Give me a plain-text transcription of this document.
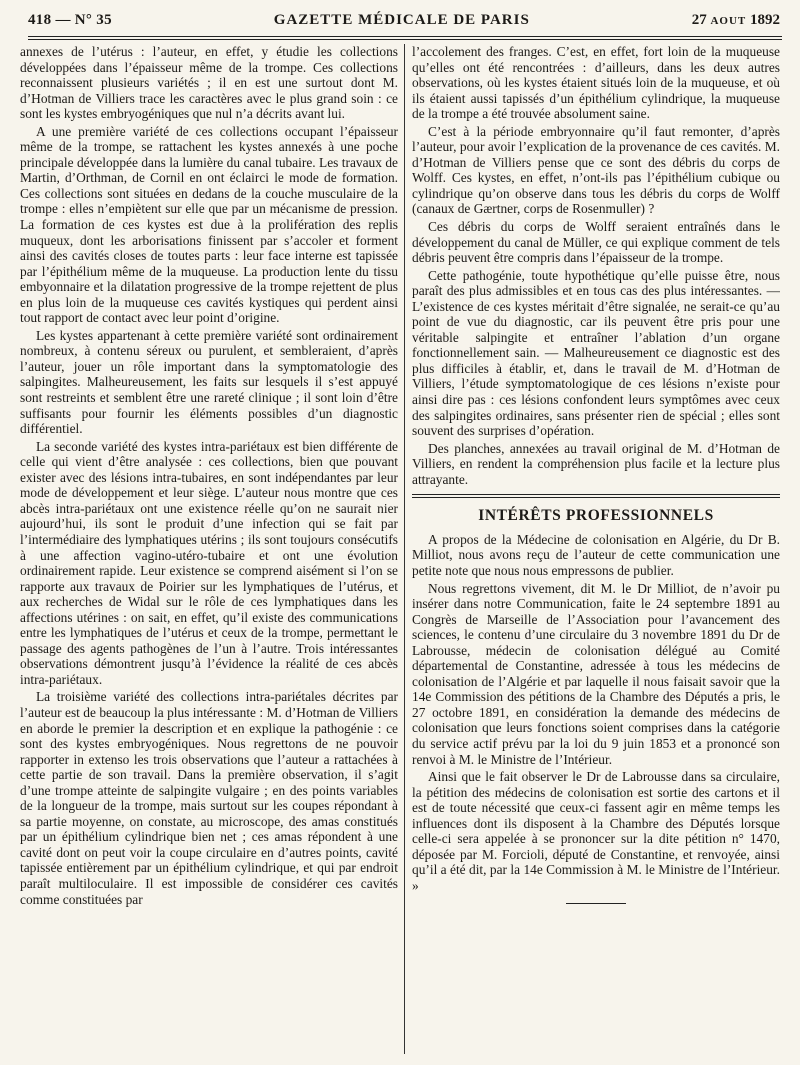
418 — N° 35	GAZETTE MÉDICALE DE PARIS	27 AOUT 1892

annexes de l’utérus : l’auteur, en effet, y étudie les collections développées dans l’épaisseur même de la trompe. Ces collections reconnaissent plusieurs variétés ; il en est une surtout dont M. d’Hotman de Villiers trace les caractères avec le plus grand soin : ce sont les kystes embryogéniques que nul n’a décrits avant lui.

A une première variété de ces collections occupant l’épaisseur même de la trompe, se rattachent les kystes annexés à une poche principale développée dans la lumière du canal tubaire. Les travaux de Martin, d’Orthman, de Cornil en ont éclairci le mode de formation. Ces collections sont situées en dedans de la couche musculaire de la trompe : elles n’empiètent sur elle que par un mécanisme de pression. La formation de ces kystes est due à la prolifération des replis muqueux, dont les arborisations finissent par s’accoler et forment ainsi des cavités closes de toutes parts : leur face interne est tapissée par l’épithélium même de la muqueuse. La production lente du tissu embyonnaire et la dilatation progressive de la trompe rejettent de plus en plus loin de la muqueuse ces cavités kystiques qui perdent ainsi tout rapport de contact avec leur point d’origine.

Les kystes appartenant à cette première variété sont ordinairement nombreux, à contenu séreux ou purulent, et sembleraient, d’après l’auteur, jouer un rôle important dans la symptomatologie des salpingites. Malheureusement, les faits sur lesquels il s’est appuyé sont restreints et semblent être une rareté clinique ; il sont loin d’être suffisants pour fournir les éléments possibles d’un diagnostic différentiel.

La seconde variété des kystes intra-pariétaux est bien différente de celle qui vient d’être analysée : ces collections, bien que pouvant exister avec des lésions intra-tubaires, en sont indépendantes par leur mode de développement et leur siège. L’auteur nous montre que ces abcès intra-pariétaux ont une existence réelle qu’on ne saurait nier aujourd’hui, ils sont le produit d’une infection qui se fait par l’intermédiaire des lymphatiques utérins ; ils sont toujours consécutifs à une affection vagino-utéro-tubaire et ont une évolution ordinairement rapide. Leur existence se comprend aisément si l’on se rapporte aux travaux de Poirier sur les lymphatiques de l’utérus, et aux recherches de Widal sur le rôle de ces lymphatiques dans les affections utérines : on sait, en effet, qu’il existe des communications entre les lymphatiques de l’utérus et ceux de la trompe, permettant le passage des agents pathogènes de l’un à l’autre. Trois intéressantes observations démontrent jusqu’à l’évidence la réalité de ces abcès intra-pariétaux.

La troisième variété des collections intra-pariétales décrites par l’auteur est de beaucoup la plus intéressante : M. d’Hotman de Villiers en aborde le premier la description et en explique la pathogénie : ce sont des kystes embryogéniques. Nous regrettons de ne pouvoir rapporter in extenso les trois observations que l’auteur a rattachées à cette partie de son travail. Dans la première observation, il s’agit d’une trompe atteinte de salpingite vulgaire ; en des points variables de la longueur de la trompe, mais surtout sur les coupes répondant à sa partie moyenne, on constate, au microscope, des amas constitués par un épithélium cylindrique bien net ; ces amas répondent à une cavité dont on peut voir la coupe circulaire en d’autres points, cavité tapissée entièrement par un épithélium cylindrique, et qui par endroit paraît multiloculaire. Il est impossible de considérer ces cavités comme constituées par

l’accolement des franges. C’est, en effet, fort loin de la muqueuse qu’elles ont été rencontrées : d’ailleurs, dans les deux autres observations, où les kystes étaient situés loin de la muqueuse, et où ils étaient aussi tapissés d’un épithélium cylindrique, la muqueuse de la trompe a été trouvée absolument saine.

C’est à la période embryonnaire qu’il faut remonter, d’après l’auteur, pour avoir l’explication de la provenance de ces cavités. M. d’Hotman de Villiers pense que ce sont des débris du corps de Wolff. Ces kystes, en effet, n’ont-ils pas l’épithélium cubique ou cylindrique qu’on observe dans tous les débris du corps de Wolff (canaux de Gærtner, corps de Rosenmuller) ?

Ces débris du corps de Wolff seraient entraînés dans le développement du canal de Müller, ce qui explique comment de tels débris peuvent être compris dans l’épaisseur de la trompe.

Cette pathogénie, toute hypothétique qu’elle puisse être, nous paraît des plus admissibles et en tous cas des plus intéressantes. — L’existence de ces kystes méritait d’être signalée, ne serait-ce qu’au point de vue du diagnostic, car ils peuvent être pris pour une véritable salpingite et entraîner l’ablation d’un organe fonctionnellement sain. — Malheureusement ce diagnostic est des plus difficiles à établir, et, dans le travail de M. d’Hotman de Villiers, l’étude symptomatologique de ces lésions n’existe pour ainsi dire pas : ces lésions confondent leurs symptômes avec ceux des salpingites ordinaires, sans présenter rien de spécial ; elles sont souvent des surprises d’opération.

Des planches, annexées au travail original de M. d’Hotman de Villiers, en rendent la compréhension plus facile et la lecture plus attrayante.

INTÉRÊTS PROFESSIONNELS

A propos de la Médecine de colonisation en Algérie, du Dr B. Milliot, nous avons reçu de l’auteur de cette communication une petite note que nous nous empressons de publier.

Nous regrettons vivement, dit M. le Dr Milliot, de n’avoir pu insérer dans notre Communication, faite le 24 septembre 1891 au Congrès de Marseille de l’Association pour l’avancement des sciences, le contenu d’une circulaire du 3 novembre 1891 du Dr de Labrousse, médecin de colonisation délégué au Comité départemental de Constantine, adressée à tous les médecins de colonisation de l’Algérie et par laquelle il nous faisait savoir que la 14e Commission des pétitions de la Chambre des Députés a pris, le 27 octobre 1891, en considération la demande des médecins de colonisation que leurs fonctions soient comprises dans la catégorie du service actif prévu par la loi du 9 juin 1853 et a prononcé son renvoi à M. le Ministre de l’Intérieur.

Ainsi que le fait observer le Dr de Labrousse dans sa circulaire, la pétition des médecins de colonisation est sortie des cartons et il est de toute nécessité que ceux-ci fassent agir en même temps les influences dont ils disposent à la Chambre des Députés lorsque celle-ci sera appelée à se prononcer sur la dite pétition n° 1470, déposée par M. Forcioli, député de Constantine, et renvoyée, ainsi qu’il a été dit, par la 14e Commission à M. le Ministre de l’Intérieur. »
